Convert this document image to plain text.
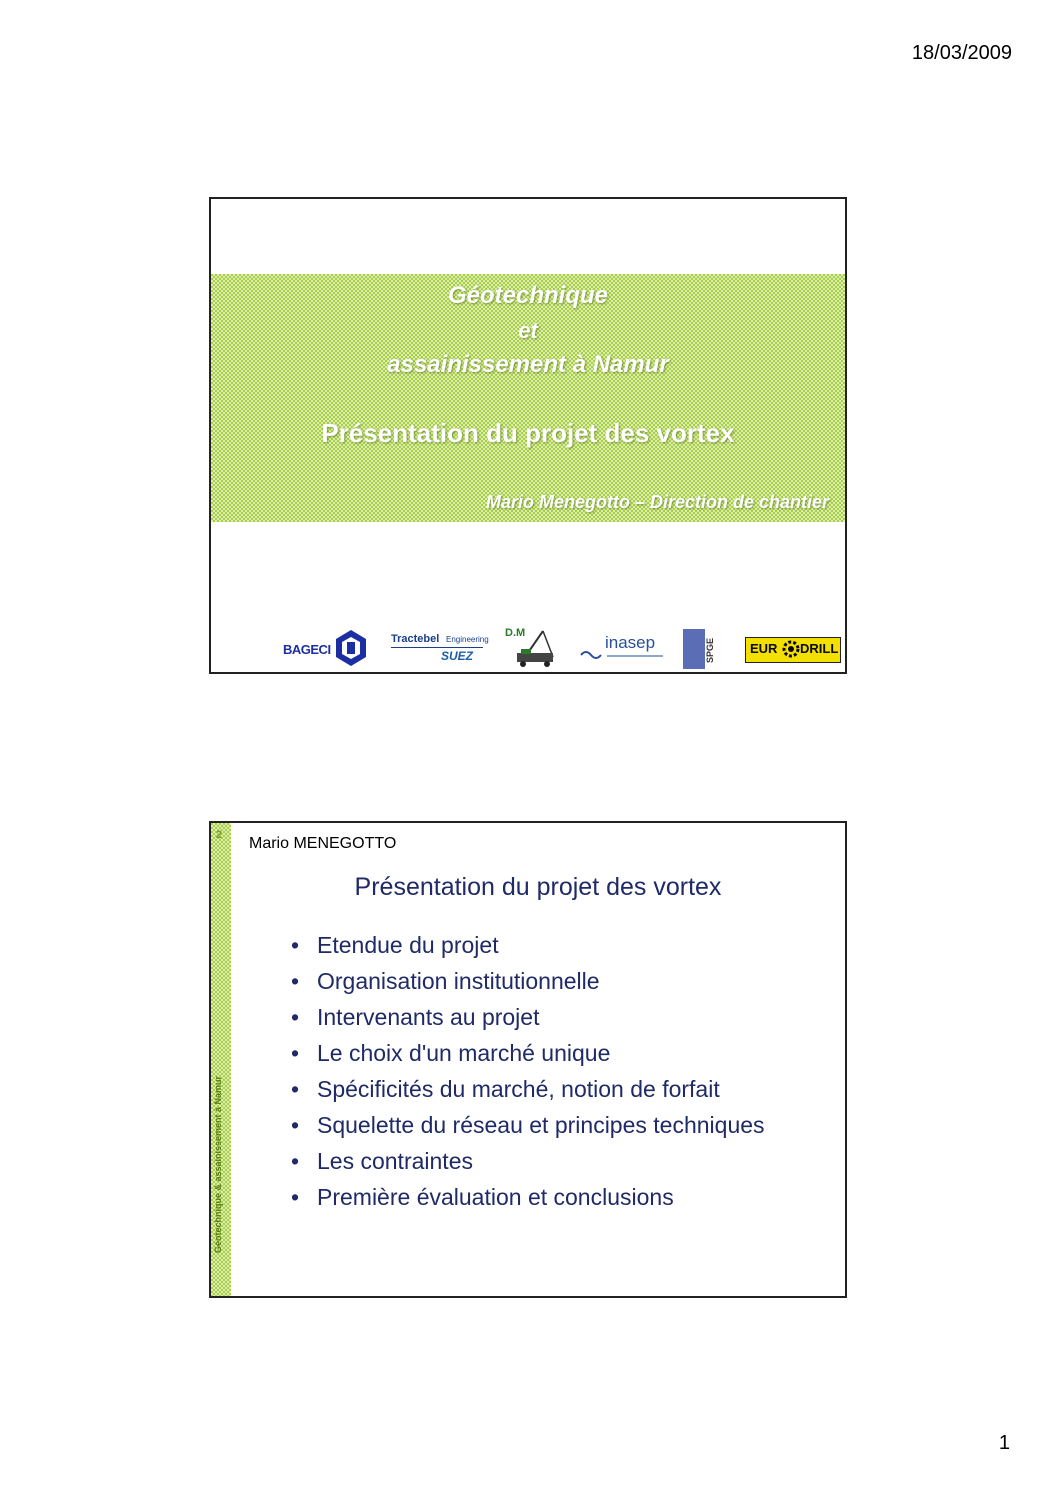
18/03/2009
Géotechnique
et
assainissement à Namur
Présentation du projet des vortex
Mario Menegotto – Direction de chantier
BAGECI
Tractebel Engineering
SUEZ
D.M	inasep	SPGE	EUR DRILL
2
Géotechnique & assainissement à Namur
Mario MENEGOTTO
Présentation du projet des vortex
• Etendue du projet
• Organisation institutionnelle
• Intervenants au projet
• Le choix d'un marché unique
• Spécificités du marché, notion de forfait
• Squelette du réseau et principes techniques
• Les contraintes
• Première évaluation et conclusions
1
